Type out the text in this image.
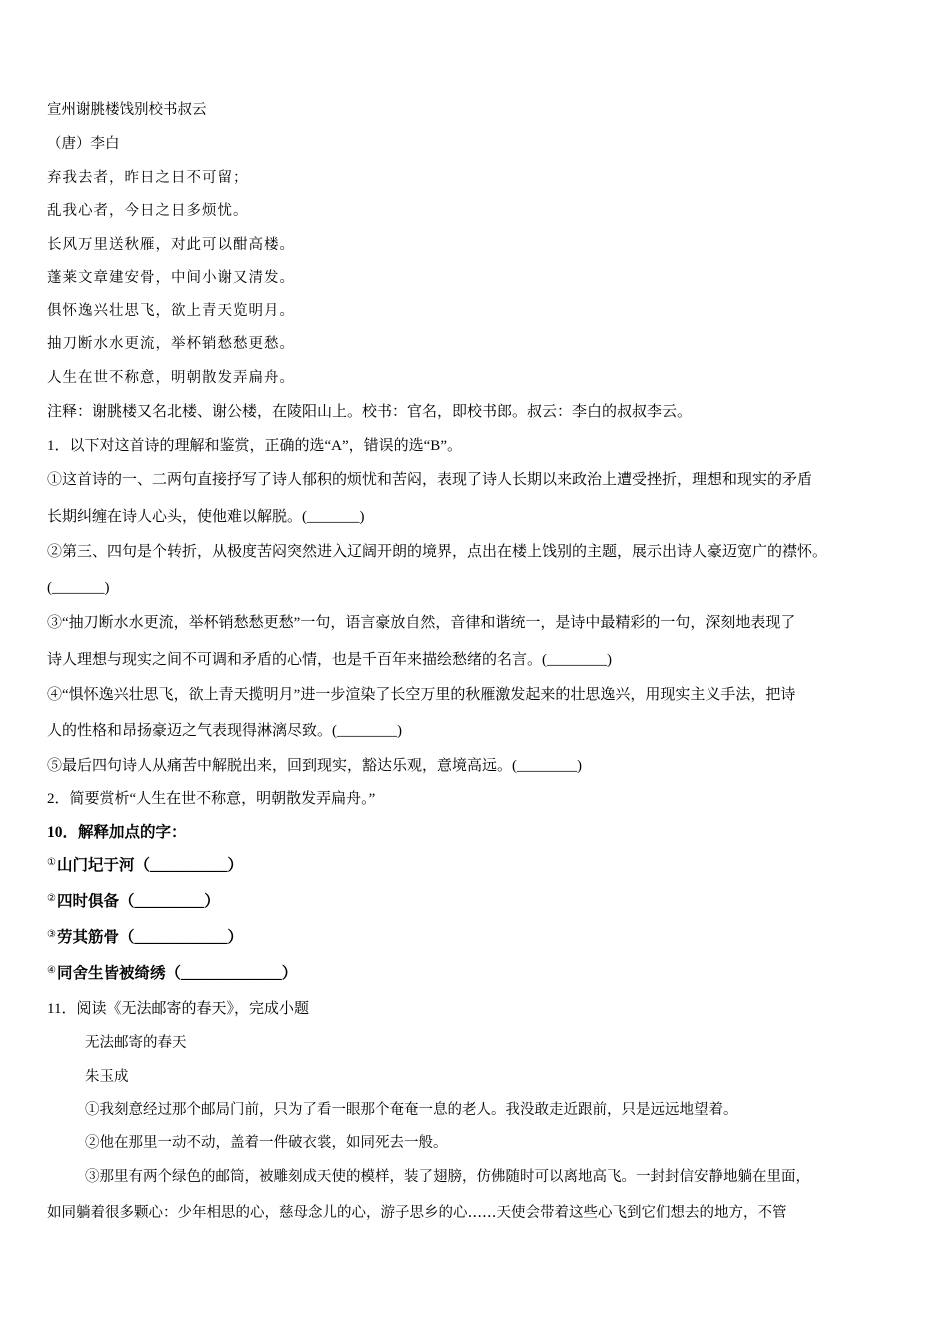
宣州谢朓楼饯别校书叔云
（唐）李白
弃我去者，昨日之日不可留；
乱我心者，今日之日多烦忧。
长风万里送秋雁，对此可以酣高楼。
蓬莱文章建安骨，中间小谢又清发。
俱怀逸兴壮思飞，欲上青天览明月。
抽刀断水水更流，举杯销愁愁更愁。
人生在世不称意，明朝散发弄扁舟。
注释：谢朓楼又名北楼、谢公楼，在陵阳山上。校书：官名，即校书郎。叔云：李白的叔叔李云。
1．以下对这首诗的理解和鉴赏，正确的选“A”，错误的选“B”。
①这首诗的一、二两句直接抒写了诗人郁积的烦忧和苦闷，表现了诗人长期以来政治上遭受挫折，理想和现实的矛盾
长期纠缠在诗人心头，使他难以解脱。(_______)
②第三、四句是个转折，从极度苦闷突然进入辽阔开朗的境界，点出在楼上饯别的主题，展示出诗人豪迈宽广的襟怀。
(_______)
③“抽刀断水水更流，举杯销愁愁更愁”一句，语言豪放自然，音律和谐统一，是诗中最精彩的一句，深刻地表现了
诗人理想与现实之间不可调和矛盾的心情，也是千百年来描绘愁绪的名言。(________)
④“惧怀逸兴壮思飞，欲上青天揽明月”进一步渲染了长空万里的秋雁激发起来的壮思逸兴，用现实主义手法，把诗
人的性格和昂扬豪迈之气表现得淋漓尽致。(________)
⑤最后四句诗人从痛苦中解脱出来，回到现实，豁达乐观，意境高远。(________)
2．简要赏析“人生在世不称意，明朝散发弄扁舟。”
10．解释加点的字：
①山门圮于河（__________）
②四时俱备（_________）
③劳其筋骨（____________）
④同舍生皆被绮绣（_____________）
11．阅读《无法邮寄的春天》，完成小题
无法邮寄的春天
朱玉成
①我刻意经过那个邮局门前，只为了看一眼那个奄奄一息的老人。我没敢走近跟前，只是远远地望着。
②他在那里一动不动，盖着一件破衣裳，如同死去一般。
③那里有两个绿色的邮筒，被雕刻成天使的模样，装了翅膀，仿佛随时可以离地高飞。一封封信安静地躺在里面，
如同躺着很多颗心：少年相思的心，慈母念儿的心，游子思乡的心……天使会带着这些心飞到它们想去的地方，不管
